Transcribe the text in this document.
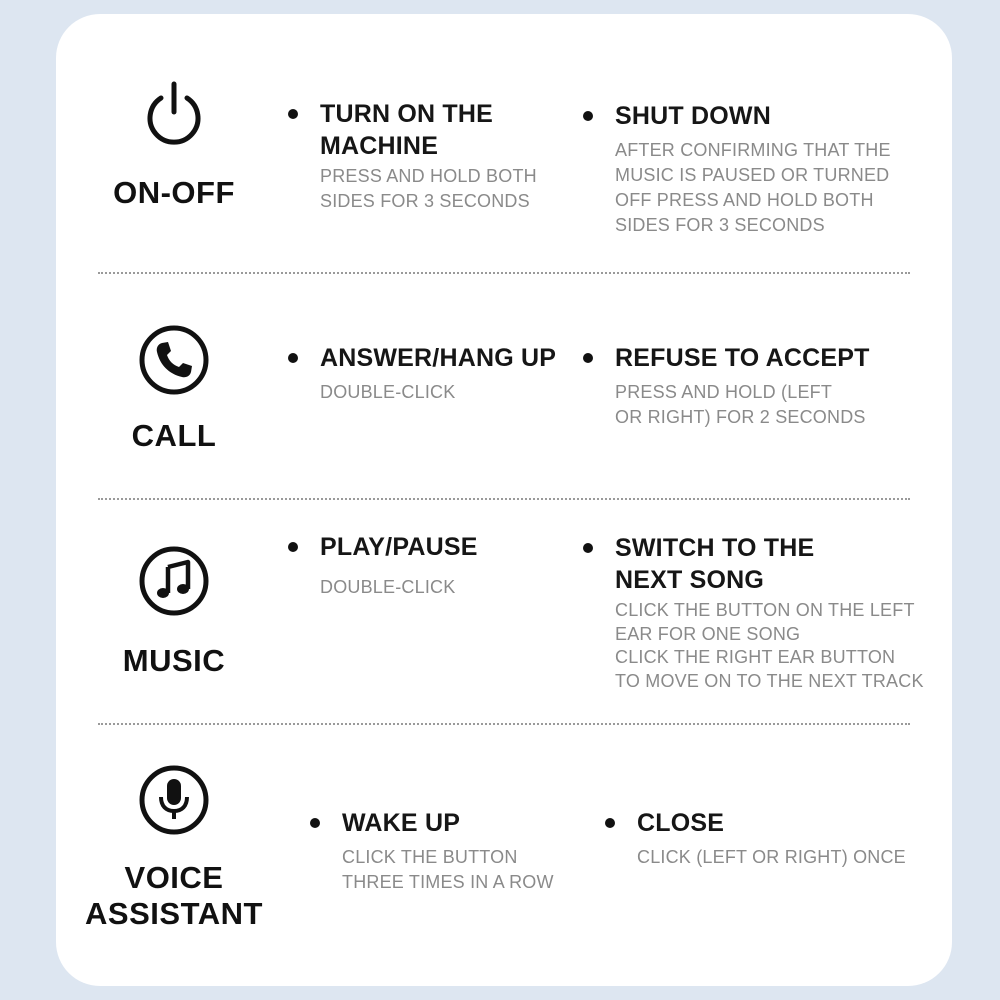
ON-OFF
TURN ON THE
MACHINE
PRESS AND HOLD BOTH
SIDES FOR 3 SECONDS
SHUT DOWN
AFTER CONFIRMING THAT THE
MUSIC IS PAUSED OR TURNED
OFF PRESS AND HOLD BOTH
SIDES FOR 3 SECONDS
CALL
ANSWER/HANG UP
DOUBLE-CLICK
REFUSE TO ACCEPT
PRESS AND HOLD (LEFT
OR RIGHT) FOR 2 SECONDS
MUSIC
PLAY/PAUSE
DOUBLE-CLICK
SWITCH TO THE
NEXT SONG
CLICK THE BUTTON ON THE LEFT
EAR FOR ONE SONG
CLICK THE RIGHT EAR BUTTON
TO MOVE ON TO THE NEXT TRACK
VOICE
ASSISTANT
WAKE UP
CLICK THE BUTTON
THREE TIMES IN A ROW
CLOSE
CLICK (LEFT OR RIGHT) ONCE
